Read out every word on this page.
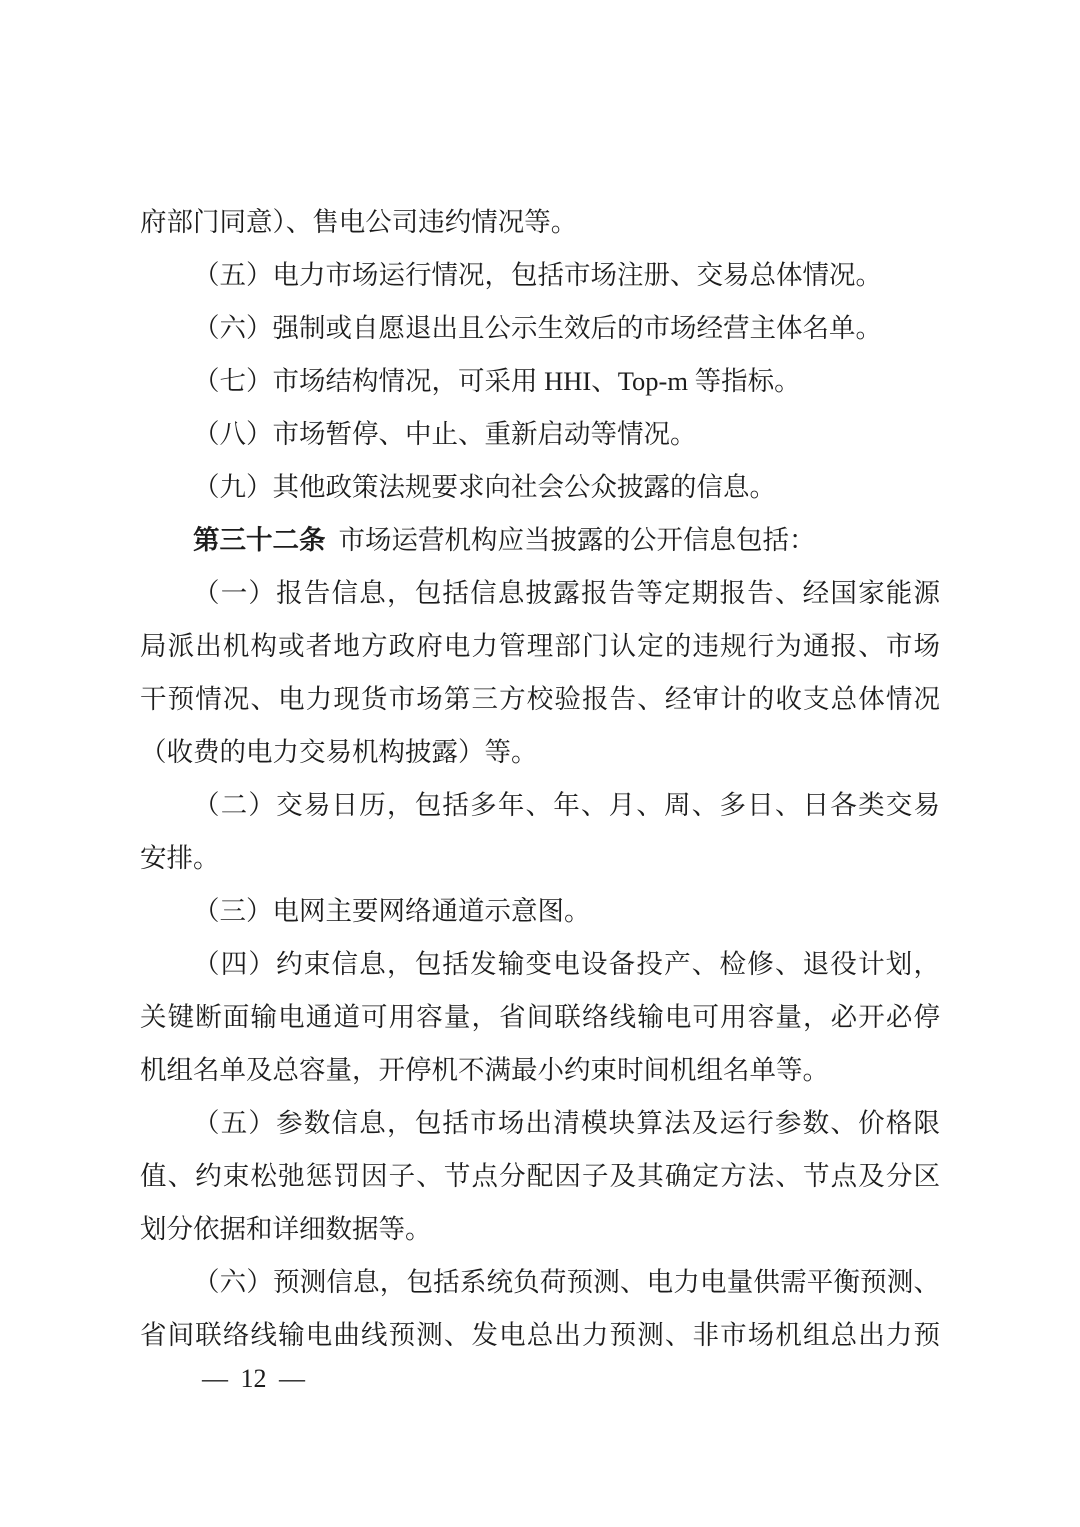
府部门同意）、售电公司违约情况等。
（五）电力市场运行情况，包括市场注册、交易总体情况。
（六）强制或自愿退出且公示生效后的市场经营主体名单。
（七）市场结构情况，可采用 HHI、Top-m 等指标。
（八）市场暂停、中止、重新启动等情况。
（九）其他政策法规要求向社会公众披露的信息。
第三十二条 市场运营机构应当披露的公开信息包括：
（一）报告信息，包括信息披露报告等定期报告、经国家能源
局派出机构或者地方政府电力管理部门认定的违规行为通报、市场
干预情况、电力现货市场第三方校验报告、经审计的收支总体情况
（收费的电力交易机构披露）等。
（二）交易日历，包括多年、年、月、周、多日、日各类交易
安排。
（三）电网主要网络通道示意图。
（四）约束信息，包括发输变电设备投产、检修、退役计划，
关键断面输电通道可用容量，省间联络线输电可用容量，必开必停
机组名单及总容量，开停机不满最小约束时间机组名单等。
（五）参数信息，包括市场出清模块算法及运行参数、价格限
值、约束松弛惩罚因子、节点分配因子及其确定方法、节点及分区
划分依据和详细数据等。
（六）预测信息，包括系统负荷预测、电力电量供需平衡预测、
省间联络线输电曲线预测、发电总出力预测、非市场机组总出力预
— 12 —
